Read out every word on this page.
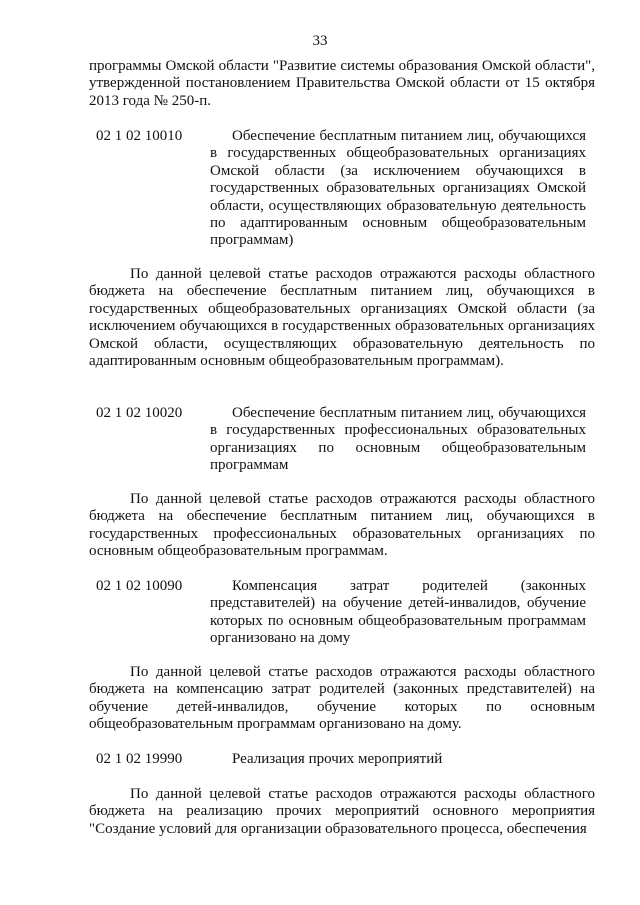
33
программы Омской области "Развитие системы образования Омской области", утвержденной постановлением Правительства Омской области от 15 октября 2013 года № 250-п.
02 1 02 10010	Обеспечение бесплатным питанием лиц, обучающихся в государственных общеобразовательных организациях Омской области (за исключением обучающихся в государственных образовательных организациях Омской области, осуществляющих образовательную деятельность по адаптированным основным общеобразовательным программам)
По данной целевой статье расходов отражаются расходы областного бюджета на обеспечение бесплатным питанием лиц, обучающихся в государственных общеобразовательных организациях Омской области (за исключением обучающихся в государственных образовательных организациях Омской области, осуществляющих образовательную деятельность по адаптированным основным общеобразовательным программам).
02 1 02 10020	Обеспечение бесплатным питанием лиц, обучающихся в государственных профессиональных образовательных организациях по основным общеобразовательным программам
По данной целевой статье расходов отражаются расходы областного бюджета на обеспечение бесплатным питанием лиц, обучающихся в государственных профессиональных образовательных организациях по основным общеобразовательным программам.
02 1 02 10090	Компенсация затрат родителей (законных представителей) на обучение детей-инвалидов, обучение которых по основным общеобразовательным программам организовано на дому
По данной целевой статье расходов отражаются расходы областного бюджета на компенсацию затрат родителей (законных представителей) на обучение детей-инвалидов, обучение которых по основным общеобразовательным программам организовано на дому.
02 1 02 19990	Реализация прочих мероприятий
По данной целевой статье расходов отражаются расходы областного бюджета на реализацию прочих мероприятий основного мероприятия "Создание условий для организации образовательного процесса, обеспечения
